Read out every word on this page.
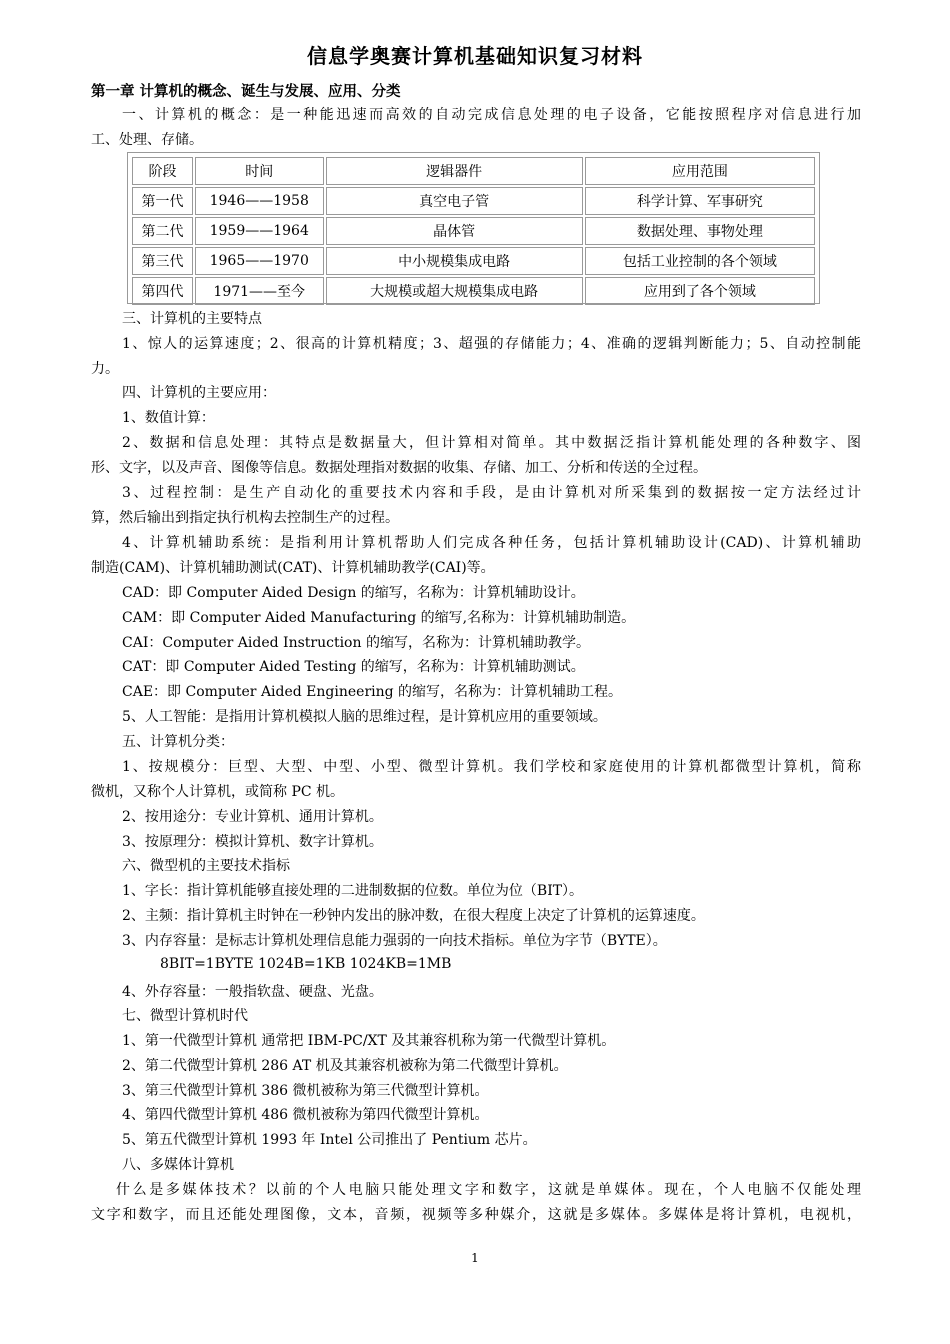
信息学奥赛计算机基础知识复习材料
第一章 计算机的概念、诞生与发展、应用、分类
一、计算机的概念：是一种能迅速而高效的自动完成信息处理的电子设备，它能按照程序对信息进行加
工、处理、存储。
阶段	时间	逻辑器件	应用范围
第一代	1946——1958	真空电子管	科学计算、军事研究
第二代	1959——1964	晶体管	数据处理、事物处理
第三代	1965——1970	中小规模集成电路	包括工业控制的各个领域
第四代	1971——至今	大规模或超大规模集成电路	应用到了各个领域
三、计算机的主要特点
1、惊人的运算速度；2、很高的计算机精度；3、超强的存储能力；4、准确的逻辑判断能力；5、自动控制能
力。
四、计算机的主要应用：
1、数值计算：
2、数据和信息处理：其特点是数据量大，但计算相对简单。其中数据泛指计算机能处理的各种数字、图
形、文字，以及声音、图像等信息。数据处理指对数据的收集、存储、加工、分析和传送的全过程。
3、过程控制：是生产自动化的重要技术内容和手段，是由计算机对所采集到的数据按一定方法经过计
算，然后输出到指定执行机构去控制生产的过程。
4、计算机辅助系统：是指利用计算机帮助人们完成各种任务，包括计算机辅助设计(CAD)、计算机辅助
制造(CAM)、计算机辅助测试(CAT)、计算机辅助教学(CAI)等。
CAD：即 Computer Aided Design 的缩写，名称为：计算机辅助设计。
CAM：即 Computer Aided Manufacturing 的缩写,名称为：计算机辅助制造。
CAI：Computer Aided Instruction 的缩写，名称为：计算机辅助教学。
CAT：即 Computer Aided Testing 的缩写，名称为：计算机辅助测试。
CAE：即 Computer Aided Engineering 的缩写，名称为：计算机辅助工程。
5、人工智能：是指用计算机模拟人脑的思维过程，是计算机应用的重要领域。
五、计算机分类：
1、按规模分：巨型、大型、中型、小型、微型计算机。我们学校和家庭使用的计算机都微型计算机，简称
微机，又称个人计算机，或简称 PC 机。
2、按用途分：专业计算机、通用计算机。
3、按原理分：模拟计算机、数字计算机。
六、微型机的主要技术指标
1、字长：指计算机能够直接处理的二进制数据的位数。单位为位（BIT）。
2、主频：指计算机主时钟在一秒钟内发出的脉冲数，在很大程度上决定了计算机的运算速度。
3、内存容量：是标志计算机处理信息能力强弱的一向技术指标。单位为字节（BYTE）。
8BIT=1BYTE 1024B=1KB 1024KB=1MB
4、外存容量：一般指软盘、硬盘、光盘。
七、微型计算机时代
1、第一代微型计算机 通常把 IBM-PC/XT 及其兼容机称为第一代微型计算机。
2、第二代微型计算机 286 AT 机及其兼容机被称为第二代微型计算机。
3、第三代微型计算机 386 微机被称为第三代微型计算机。
4、第四代微型计算机 486 微机被称为第四代微型计算机。
5、第五代微型计算机 1993 年 Intel 公司推出了 Pentium 芯片。
八、多媒体计算机
什么是多媒体技术？以前的个人电脑只能处理文字和数字，这就是单媒体。现在，个人电脑不仅能处理
文字和数字，而且还能处理图像，文本，音频，视频等多种媒介，这就是多媒体。多媒体是将计算机，电视机，
1
